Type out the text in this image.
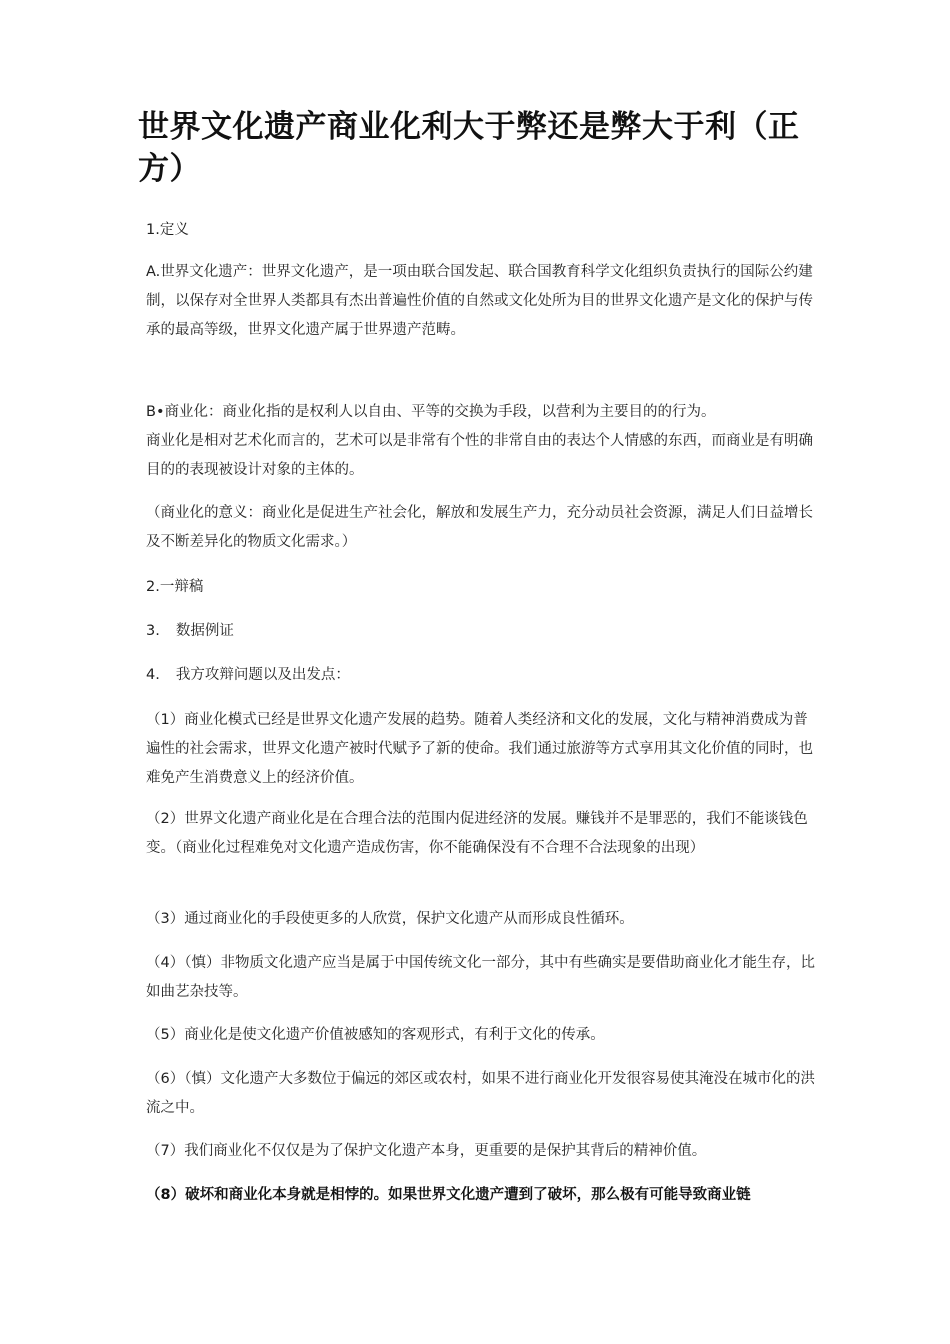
世界文化遗产商业化利大于弊还是弊大于利（正方）

1.定义

A.世界文化遗产：世界文化遗产，是一项由联合国发起、联合国教育科学文化组织负责执行的国际公约建制，以保存对全世界人类都具有杰出普遍性价值的自然或文化处所为目的世界文化遗产是文化的保护与传承的最高等级，世界文化遗产属于世界遗产范畴。

B•商业化：商业化指的是权利人以自由、平等的交换为手段，以营利为主要目的的行为。

商业化是相对艺术化而言的，艺术可以是非常有个性的非常自由的表达个人情感的东西，而商业是有明确目的的表现被设计对象的主体的。

（商业化的意义：商业化是促进生产社会化，解放和发展生产力，充分动员社会资源，满足人们日益增长及不断差异化的物质文化需求。）

2.一辩稿

3. 数据例证

4. 我方攻辩问题以及出发点：

（1）商业化模式已经是世界文化遗产发展的趋势。随着人类经济和文化的发展，文化与精神消费成为普遍性的社会需求，世界文化遗产被时代赋予了新的使命。我们通过旅游等方式享用其文化价值的同时，也难免产生消费意义上的经济价值。

（2）世界文化遗产商业化是在合理合法的范围内促进经济的发展。赚钱并不是罪恶的，我们不能谈钱色变。（商业化过程难免对文化遗产造成伤害，你不能确保没有不合理不合法现象的出现）

（3）通过商业化的手段使更多的人欣赏，保护文化遗产从而形成良性循环。

（4）（慎）非物质文化遗产应当是属于中国传统文化一部分，其中有些确实是要借助商业化才能生存，比如曲艺杂技等。

（5）商业化是使文化遗产价值被感知的客观形式，有利于文化的传承。

（6）（慎）文化遗产大多数位于偏远的郊区或农村，如果不进行商业化开发很容易使其淹没在城市化的洪流之中。

（7）我们商业化不仅仅是为了保护文化遗产本身，更重要的是保护其背后的精神价值。

（8）破坏和商业化本身就是相悖的。如果世界文化遗产遭到了破坏，那么极有可能导致商业链
